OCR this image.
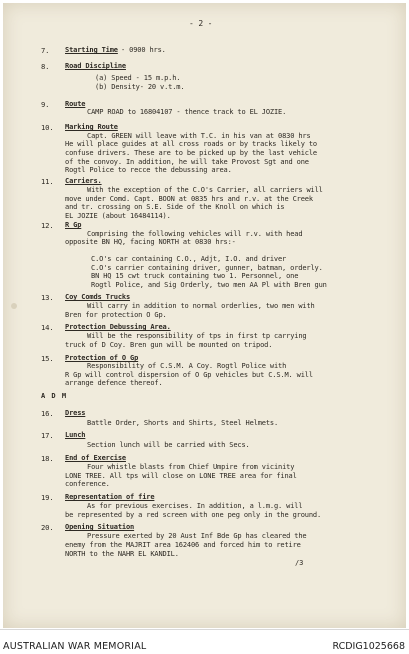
- 2 -
7. Starting Time - 0900 hrs.
8. Road Discipline
(a) Speed - 15 m.p.h.
(b) Density- 20 v.t.m.
9. Route
CAMP ROAD to 16804107 - thence track to EL JOZIE.
10. Marking Route
Capt. GREEN will leave with T.C. in his van at 0830 hrs
He will place guides at all cross roads or by tracks likely to
confuse drivers. These are to be picked up by the last vehicle
of the convoy. In addition, he will take Provost Sgt and one
Rogtl Police to recce the debussing area.
11. Carriers.
With the exception of the C.O's Carrier, all carriers will
move under Comd. Capt. BOON at 0835 hrs and r.v. at the Creek
and tr. crossing on S.E. Side of the Knoll on which is
EL JOZIE (about 16484114).
12. R Gp
Comprising the following vehicles will r.v. with head
opposite BN HQ, facing NORTH at 0830 hrs:-
C.O's car containing C.O., Adjt, I.O. and driver
C.O's carrier containing driver, gunner, batman, orderly.
BN HQ 15 cwt truck containing two 1. Personnel, one
Rogtl Police, and Sig Orderly, two men AA Pl with Bren gun
13. Coy Comds Trucks
Will carry in addition to normal orderlies, two men with
Bren for protection O Gp.
14. Protection Debussing Area.
Will be the responsibility of tps in first tp carrying
truck of D Coy. Bren gun will be mounted on tripod.
15. Protection of O Gp
Responsibility of C.S.M. A Coy. Rogtl Police with
R Gp will control dispersion of O Gp vehicles but C.S.M. will
arrange defence thereof.
A D M
16. Dress
Battle Order, Shorts and Shirts, Steel Helmets.
17. Lunch
Section lunch will be carried with Secs.
18. End of Exercise
Four whistle blasts from Chief Umpire from vicinity
LONE TREE. All tps will close on LONE TREE area for final
conference.
19. Representation of fire
As for previous exercises. In addition, a l.m.g. will
be represented by a red screen with one peg only in the ground.
20. Opening Situation
Pressure exerted by 20 Aust Inf Bde Gp has cleared the
enemy from the MAJRIT area 162406 and forced him to retire
NORTH to the NAHR EL KANDIL.
/3
AUSTRALIAN WAR MEMORIAL	RCDIG1025668
